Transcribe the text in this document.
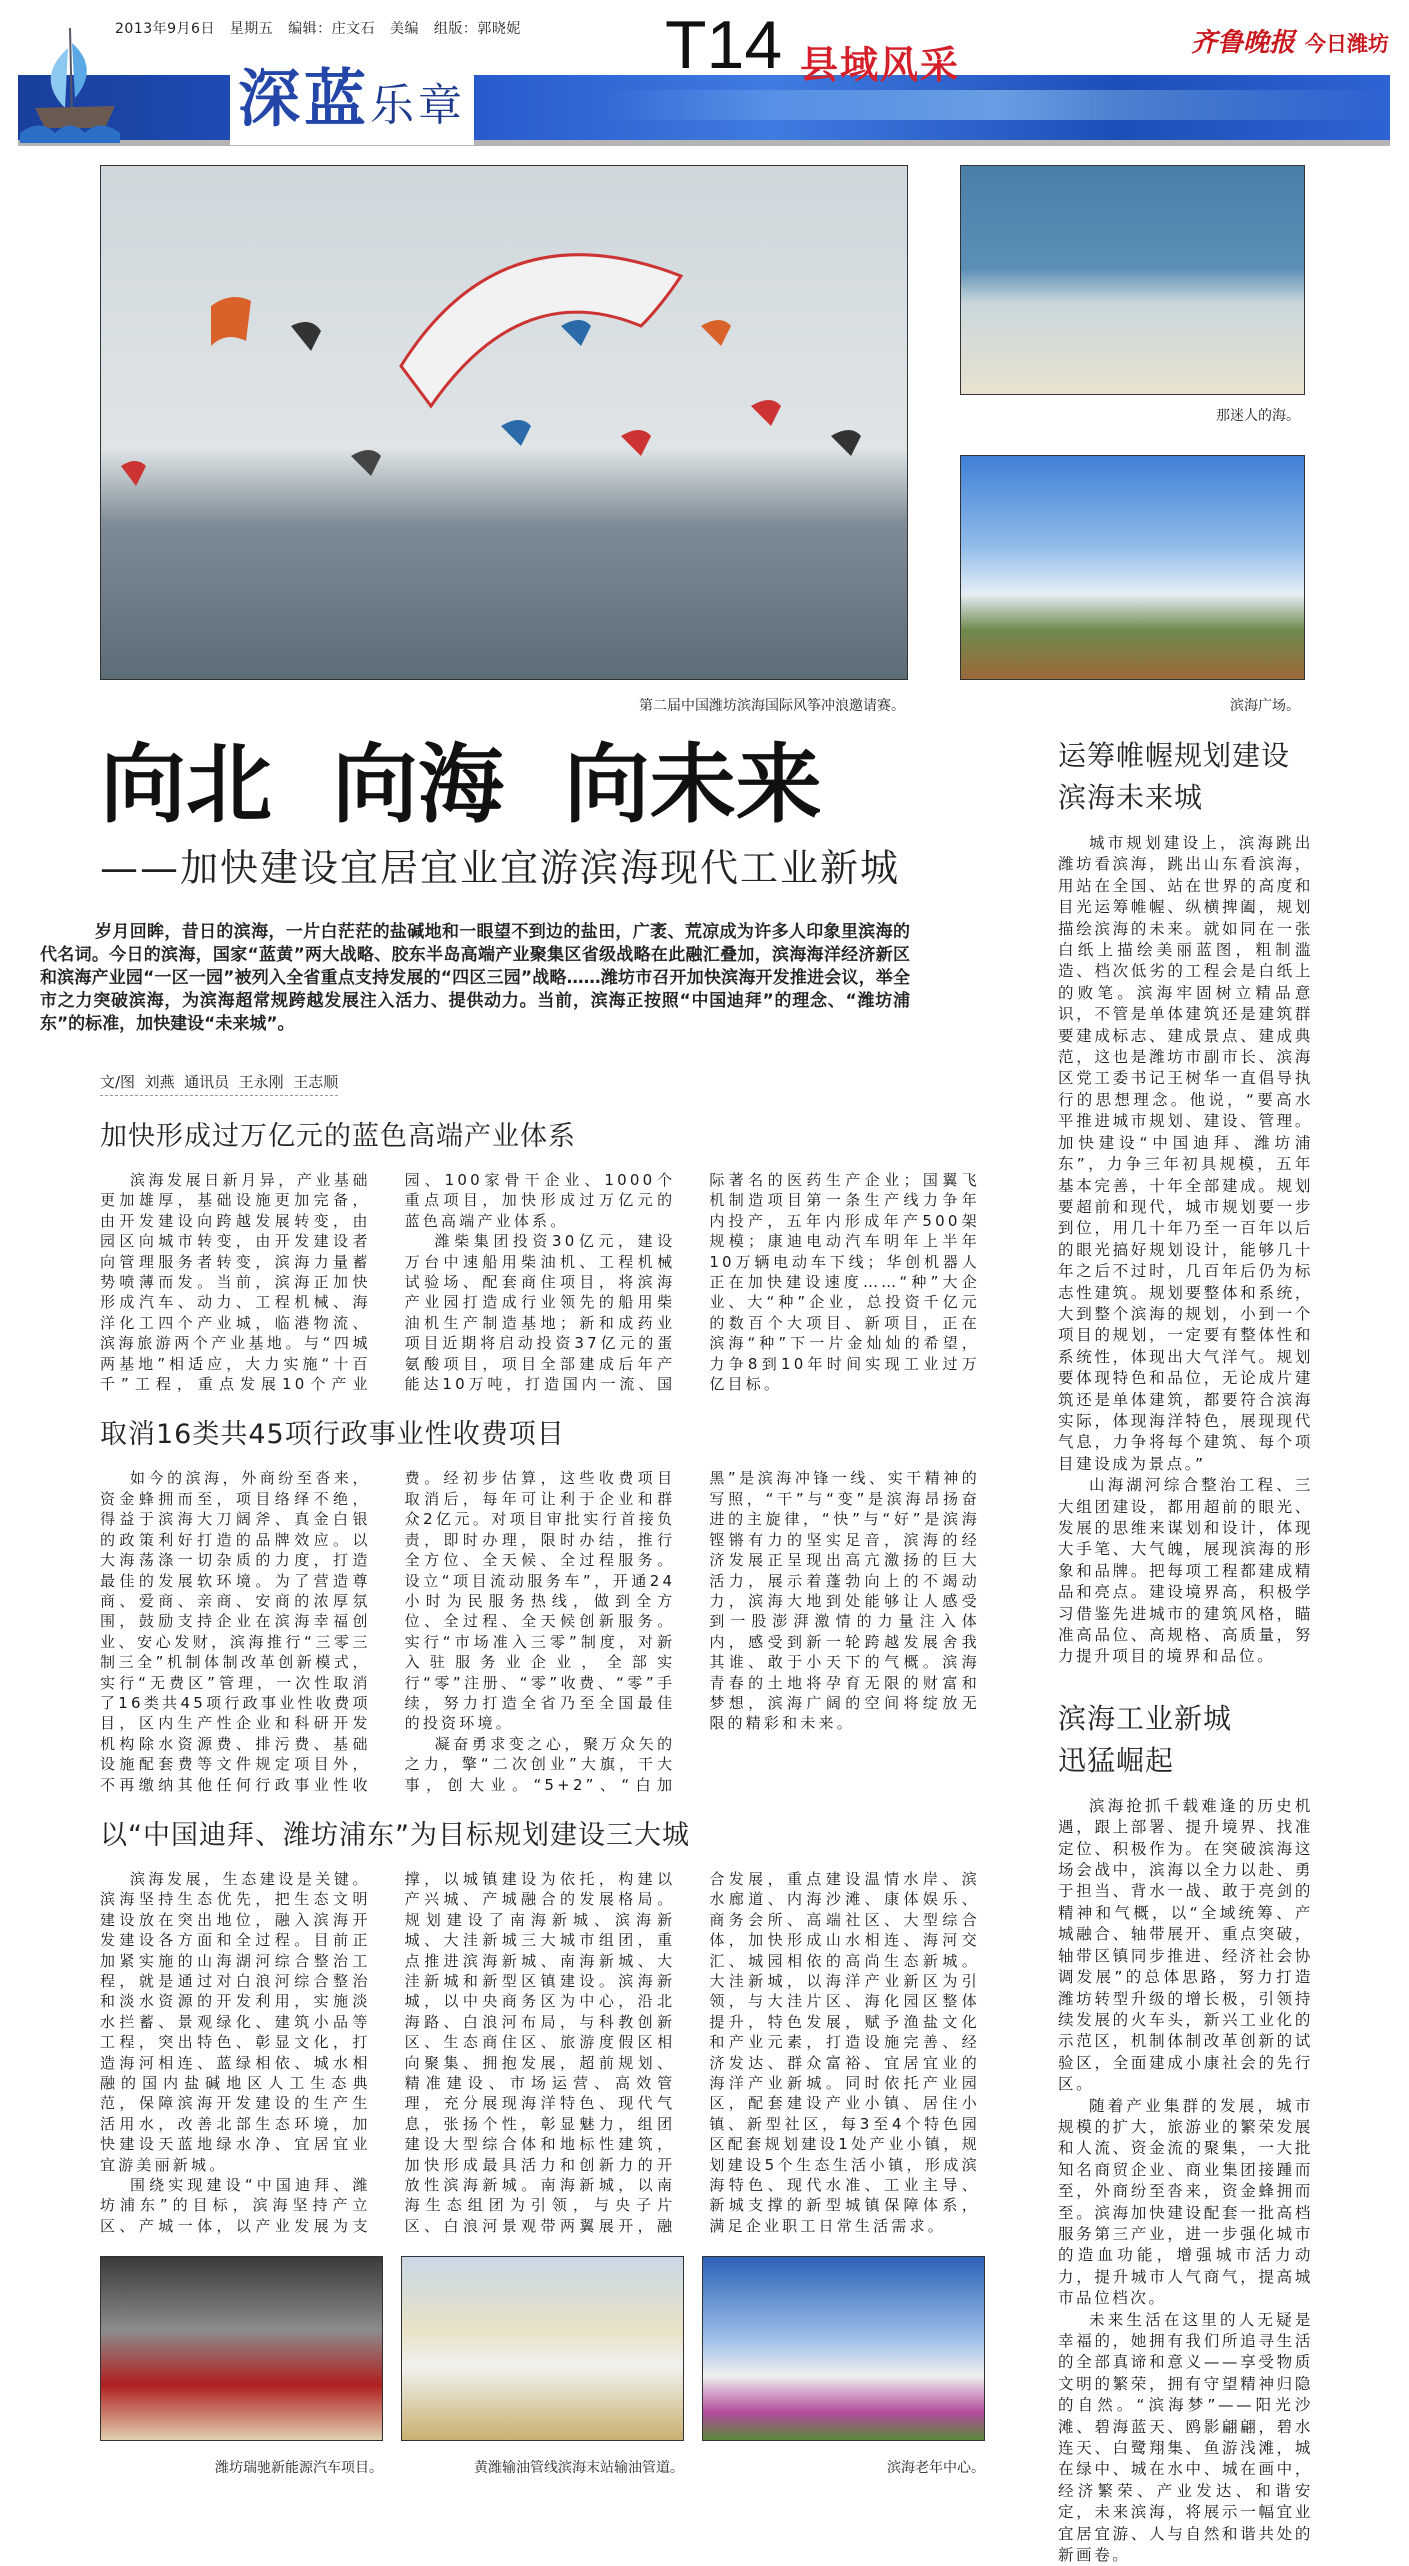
2013年9月6日   星期五   编辑：庄文石   美编   组版：郭晓妮 T14 县域风采	齐鲁晚报 今日潍坊
深蓝乐章
第二届中国潍坊滨海国际风筝冲浪邀请赛。
那迷人的海。
滨海广场。
向北  向海  向未来
——加快建设宜居宜业宜游滨海现代工业新城
岁月回眸，昔日的滨海，一片白茫茫的盐碱地和一眼望不到边的盐田，广袤、荒凉成为许多人印象里滨海的代名词。今日的滨海，国家“蓝黄”两大战略、胶东半岛高端产业聚集区省级战略在此融汇叠加，滨海海洋经济新区和滨海产业园“一区一园”被列入全省重点支持发展的“四区三园”战略……潍坊市召开加快滨海开发推进会议，举全市之力突破滨海，为滨海超常规跨越发展注入活力、提供动力。当前，滨海正按照“中国迪拜”的理念、“潍坊浦东”的标准，加快建设“未来城”。
文/图  刘燕  通讯员  王永刚  王志顺
加快形成过万亿元的蓝色高端产业体系

滨海发展日新月异，产业基础更加雄厚，基础设施更加完备，由开发建设向跨越发展转变，由园区向城市转变，由开发建设者向管理服务者转变，滨海力量蓄势喷薄而发。当前，滨海正加快形成汽车、动力、工程机械、海洋化工四个产业城，临港物流、滨海旅游两个产业基地。与“四城两基地”相适应，大力实施“十百千”工程，重点发展10个产业园、100家骨干企业、1000个重点项目，加快形成过万亿元的蓝色高端产业体系。

潍柴集团投资30亿元，建设万台中速船用柴油机、工程机械试验场、配套商住项目，将滨海产业园打造成行业领先的船用柴油机生产制造基地；新和成药业项目近期将启动投资37亿元的蛋氨酸项目，项目全部建成后年产能达10万吨，打造国内一流、国际著名的医药生产企业；国翼飞机制造项目第一条生产线力争年内投产，五年内形成年产500架规模；康迪电动汽车明年上半年10万辆电动车下线；华创机器人正在加快建设速度……“种”大企业、大“种”企业，总投资千亿元的数百个大项目、新项目，正在滨海“种”下一片金灿灿的希望，力争8到10年时间实现工业过万亿目标。

取消16类共45项行政事业性收费项目

如今的滨海，外商纷至沓来，资金蜂拥而至，项目络绎不绝，得益于滨海大刀阔斧、真金白银的政策利好打造的品牌效应。以大海荡涤一切杂质的力度，打造最佳的发展软环境。为了营造尊商、爱商、亲商、安商的浓厚氛围，鼓励支持企业在滨海幸福创业、安心发财，滨海推行“三零三制三全”机制体制改革创新模式，实行“无费区”管理，一次性取消了16类共45项行政事业性收费项目，区内生产性企业和科研开发机构除水资源费、排污费、基础设施配套费等文件规定项目外，不再缴纳其他任何行政事业性收费。经初步估算，这些收费项目取消后，每年可让利于企业和群众2亿元。对项目审批实行首接负责，即时办理，限时办结，推行全方位、全天候、全过程服务。设立“项目流动服务车”，开通24小时为民服务热线，做到全方位、全过程、全天候创新服务。实行“市场准入三零”制度，对新入驻服务业企业，全部实行“零”注册、“零”收费、“零”手续，努力打造全省乃至全国最佳的投资环境。

凝奋勇求变之心，聚万众矢的之力，擎“二次创业”大旗，干大事，创大业。“5+2”、“白加黑”是滨海冲锋一线、实干精神的写照，“干”与“变”是滨海昂扬奋进的主旋律，“快”与“好”是滨海铿锵有力的坚实足音，滨海的经济发展正呈现出高亢激扬的巨大活力，展示着蓬勃向上的不竭动力，滨海大地到处能够让人感受到一股澎湃激情的力量注入体内，感受到新一轮跨越发展舍我其谁、敢于小天下的气概。滨海青春的土地将孕育无限的财富和梦想，滨海广阔的空间将绽放无限的精彩和未来。

以“中国迪拜、潍坊浦东”为目标规划建设三大城

滨海发展，生态建设是关键。滨海坚持生态优先，把生态文明建设放在突出地位，融入滨海开发建设各方面和全过程。目前正加紧实施的山海湖河综合整治工程，就是通过对白浪河综合整治和淡水资源的开发利用，实施淡水拦蓄、景观绿化、建筑小品等工程，突出特色、彰显文化，打造海河相连、蓝绿相依、城水相融的国内盐碱地区人工生态典范，保障滨海开发建设的生产生活用水，改善北部生态环境，加快建设天蓝地绿水净、宜居宜业宜游美丽新城。

围绕实现建设“中国迪拜、潍坊浦东”的目标，滨海坚持产立区、产城一体，以产业发展为支撑，以城镇建设为依托，构建以产兴城、产城融合的发展格局。规划建设了南海新城、滨海新城、大洼新城三大城市组团，重点推进滨海新城、南海新城、大洼新城和新型区镇建设。滨海新城，以中央商务区为中心，沿北海路、白浪河布局，与科教创新区、生态商住区、旅游度假区相向聚集、拥抱发展，超前规划、精准建设、市场运营、高效管理，充分展现海洋特色、现代气息，张扬个性，彰显魅力，组团建设大型综合体和地标性建筑，加快形成最具活力和创新力的开放性滨海新城。南海新城，以南海生态组团为引领，与央子片区、白浪河景观带两翼展开，融合发展，重点建设温情水岸、滨水廊道、内海沙滩、康体娱乐、商务会所、高端社区、大型综合体，加快形成山水相连、海河交汇、城园相依的高尚生态新城。大洼新城，以海洋产业新区为引领，与大洼片区、海化园区整体提升，特色发展，赋予渔盐文化和产业元素，打造设施完善、经济发达、群众富裕、宜居宜业的海洋产业新城。同时依托产业园区，配套建设产业小镇、居住小镇、新型社区，每3至4个特色园区配套规划建设1处产业小镇，规划建设5个生态生活小镇，形成滨海特色、现代水准、工业主导、新城支撑的新型城镇保障体系，满足企业职工日常生活需求。

潍坊瑞驰新能源汽车项目。	黄潍输油管线滨海末站输油管道。	滨海老年中心。
运筹帷幄规划建设
滨海未来城

城市规划建设上，滨海跳出潍坊看滨海，跳出山东看滨海，用站在全国、站在世界的高度和目光运筹帷幄、纵横捭阖，规划描绘滨海的未来。就如同在一张白纸上描绘美丽蓝图，粗制滥造、档次低劣的工程会是白纸上的败笔。滨海牢固树立精品意识，不管是单体建筑还是建筑群要建成标志、建成景点、建成典范，这也是潍坊市副市长、滨海区党工委书记王树华一直倡导执行的思想理念。他说，“要高水平推进城市规划、建设、管理。加快建设“中国迪拜、潍坊浦东”，力争三年初具规模，五年基本完善，十年全部建成。规划要超前和现代，城市规划要一步到位，用几十年乃至一百年以后的眼光搞好规划设计，能够几十年之后不过时，几百年后仍为标志性建筑。规划要整体和系统，大到整个滨海的规划，小到一个项目的规划，一定要有整体性和系统性，体现出大气洋气。规划要体现特色和品位，无论成片建筑还是单体建筑，都要符合滨海实际，体现海洋特色，展现现代气息，力争将每个建筑、每个项目建设成为景点。”

山海湖河综合整治工程、三大组团建设，都用超前的眼光、发展的思维来谋划和设计，体现大手笔、大气魄，展现滨海的形象和品牌。把每项工程都建成精品和亮点。建设境界高，积极学习借鉴先进城市的建筑风格，瞄准高品位、高规格、高质量，努力提升项目的境界和品位。

滨海工业新城
迅猛崛起

滨海抢抓千载难逢的历史机遇，跟上部署、提升境界、找准定位、积极作为。在突破滨海这场会战中，滨海以全力以赴、勇于担当、背水一战、敢于亮剑的精神和气概，以“全域统筹、产城融合、轴带展开、重点突破，轴带区镇同步推进、经济社会协调发展”的总体思路，努力打造潍坊转型升级的增长极，引领持续发展的火车头，新兴工业化的示范区，机制体制改革创新的试验区，全面建成小康社会的先行区。

随着产业集群的发展，城市规模的扩大，旅游业的繁荣发展和人流、资金流的聚集，一大批知名商贸企业、商业集团接踵而至，外商纷至沓来，资金蜂拥而至。滨海加快建设配套一批高档服务第三产业，进一步强化城市的造血功能，增强城市活力动力，提升城市人气商气，提高城市品位档次。

未来生活在这里的人无疑是幸福的，她拥有我们所追寻生活的全部真谛和意义——享受物质文明的繁荣，拥有守望精神归隐的自然。“滨海梦”——阳光沙滩、碧海蓝天、鸥影翩翩，碧水连天、白鹭翔集、鱼游浅滩，城在绿中、城在水中、城在画中，经济繁荣、产业发达、和谐安定，未来滨海，将展示一幅宜业宜居宜游、人与自然和谐共处的新画卷。
